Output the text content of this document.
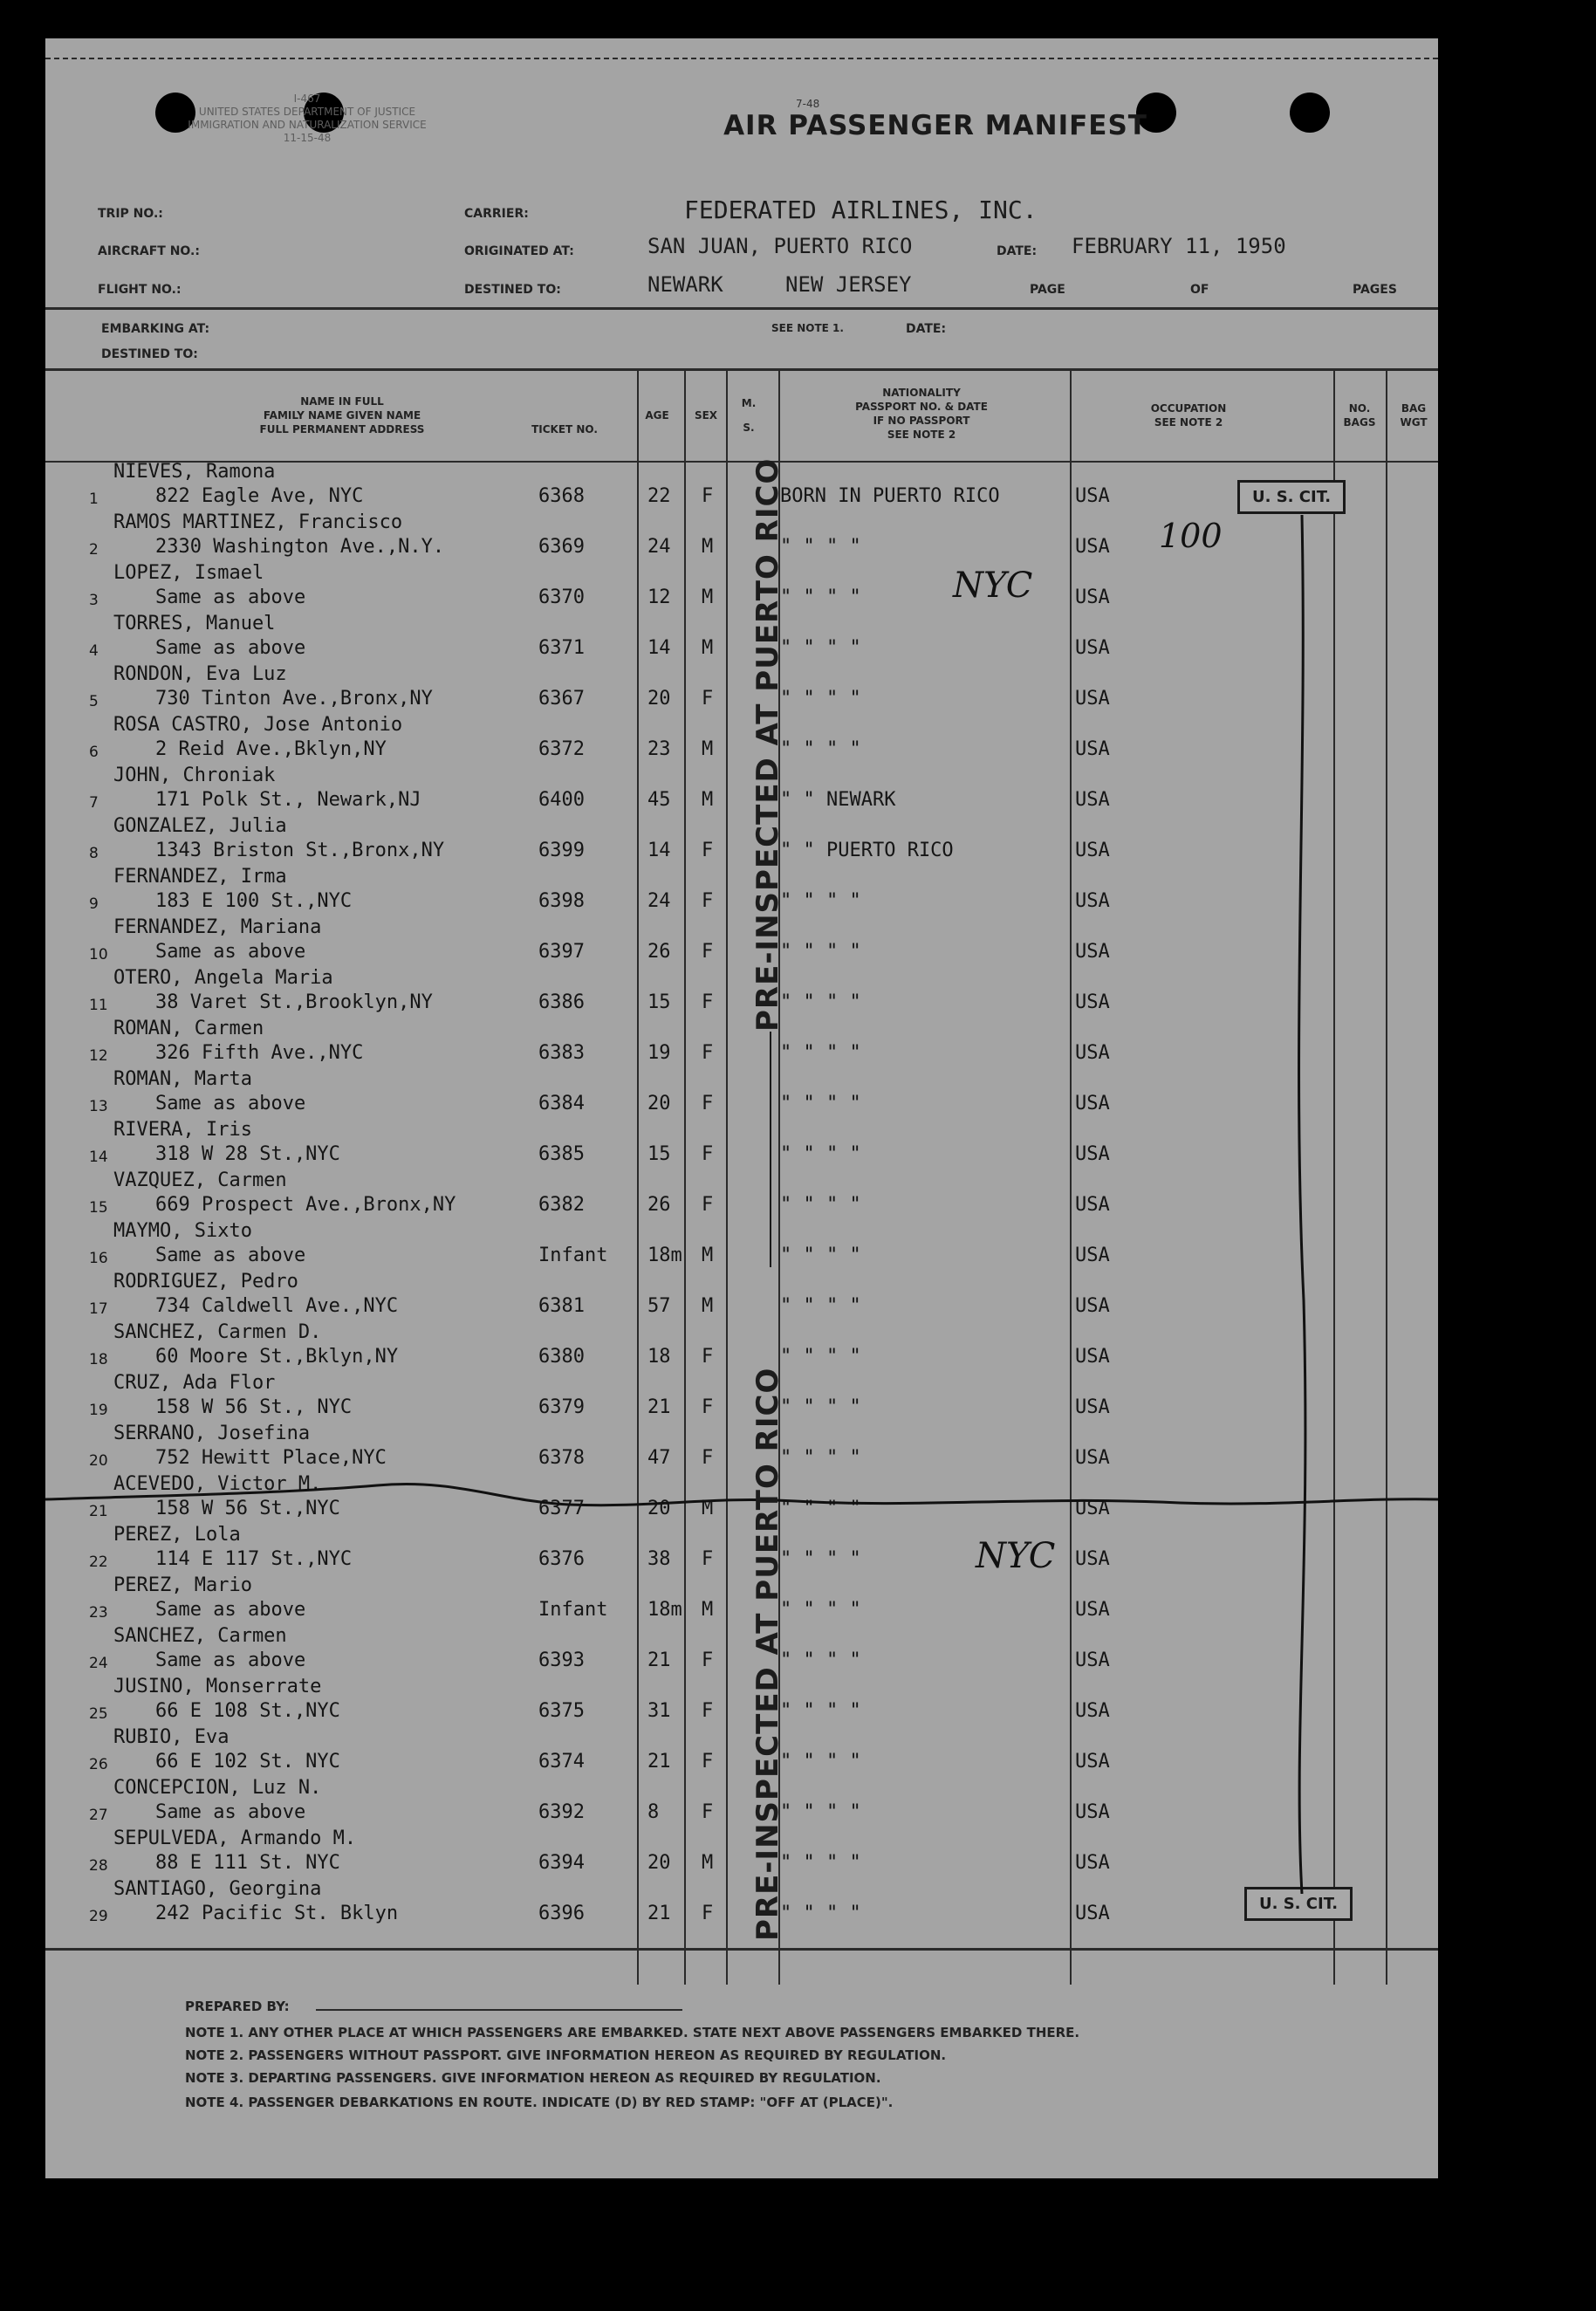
I-467
UNITED STATES DEPARTMENT OF JUSTICE
IMMIGRATION AND NATURALIZATION SERVICE
11-15-48
7-48
AIR PASSENGER MANIFEST
TRIP NO.:
AIRCRAFT NO.:
FLIGHT NO.:
CARRIER:
ORIGINATED AT:
DESTINED TO:
DATE:
PAGE	OF	PAGES
EMBARKING AT:
DESTINED TO:
SEE NOTE 1.	DATE:
FEDERATED AIRLINES, INC.
SAN JUAN, PUERTO RICO	FEBRUARY 11, 1950
NEWARK	NEW JERSEY
NAME IN FULL
FAMILY NAME GIVEN NAME
FULL PERMANENT ADDRESS	TICKET NO.
AGE	SEX
M.
S.
NATIONALITY
PASSPORT NO. & DATE
IF NO PASSPORT
SEE NOTE 2
OCCUPATION
SEE NOTE 2
NO.
BAGS
BAG
WGT
1
NIEVES, Ramona
822 Eagle Ave, NYC	6368	22 F	BORN IN PUERTO RICO	USA
2
RAMOS MARTINEZ, Francisco
2330 Washington Ave.,N.Y.	6369	24 M	" " " "	USA
3
LOPEZ, Ismael
Same as above	6370	12 M	" " " "	USA
4
TORRES, Manuel
Same as above	6371	14 M	" " " "	USA
5
RONDON, Eva Luz
730 Tinton Ave.,Bronx,NY	6367	20 F	" " " "	USA
6
ROSA CASTRO, Jose Antonio
2 Reid Ave.,Bklyn,NY	6372	23 M	" " " "	USA
7
JOHN, Chroniak
171 Polk St., Newark,NJ	6400	45 M	" " NEWARK	USA
8
GONZALEZ, Julia
1343 Briston St.,Bronx,NY	6399	14 F	" " PUERTO RICO	USA
9
FERNANDEZ, Irma
183 E 100 St.,NYC	6398	24 F	" " " "	USA
10
FERNANDEZ, Mariana
Same as above	6397	26 F	" " " "	USA
11
OTERO, Angela Maria
38 Varet St.,Brooklyn,NY	6386	15 F	" " " "	USA
12
ROMAN, Carmen
326 Fifth Ave.,NYC	6383	19 F	" " " "	USA
13
ROMAN, Marta
Same as above	6384	20 F	" " " "	USA
14
RIVERA, Iris
318 W 28 St.,NYC	6385	15 F	" " " "	USA
15
VAZQUEZ, Carmen
669 Prospect Ave.,Bronx,NY	6382	26 F	" " " "	USA
16
MAYMO, Sixto
Same as above	Infant 18m M	" " " "	USA
17
RODRIGUEZ, Pedro
734 Caldwell Ave.,NYC	6381	57 M	" " " "	USA
18
SANCHEZ, Carmen D.
60 Moore St.,Bklyn,NY	6380	18 F	" " " "	USA
19
CRUZ, Ada Flor
158 W 56 St., NYC	6379	21 F	" " " "	USA
20
SERRANO, Josefina
752 Hewitt Place,NYC	6378	47 F	" " " "	USA
21
ACEVEDO, Victor M.
158 W 56 St.,NYC	6377	20 M	" " " "	USA
22
PEREZ, Lola
114 E 117 St.,NYC	6376	38 F	" " " "	USA
23
PEREZ, Mario
Same as above	Infant 18m M	" " " "	USA
24
SANCHEZ, Carmen
Same as above	6393	21 F	" " " "	USA
25
JUSINO, Monserrate
66 E 108 St.,NYC	6375	31 F	" " " "	USA
26
RUBIO, Eva
66 E 102 St. NYC	6374	21 F	" " " "	USA
27
CONCEPCION, Luz N.
Same as above	6392	8 F	" " " "	USA
28
SEPULVEDA, Armando M.
88 E 111 St. NYC	6394	20 M	" " " "	USA
29
SANTIAGO, Georgina
242 Pacific St. Bklyn	6396	21 F	" " " "	USA
PRE-INSPECTED AT PUERTO RICO
PRE-INSPECTED AT PUERTO RICO
U. S. CIT.
U. S. CIT.
100
NYC
NYC
PREPARED BY:
NOTE 1. ANY OTHER PLACE AT WHICH PASSENGERS ARE EMBARKED. STATE NEXT ABOVE PASSENGERS EMBARKED THERE.
NOTE 2. PASSENGERS WITHOUT PASSPORT. GIVE INFORMATION HEREON AS REQUIRED BY REGULATION.
NOTE 3. DEPARTING PASSENGERS. GIVE INFORMATION HEREON AS REQUIRED BY REGULATION.
NOTE 4. PASSENGER DEBARKATIONS EN ROUTE. INDICATE (D) BY RED STAMP: "OFF AT (PLACE)".
